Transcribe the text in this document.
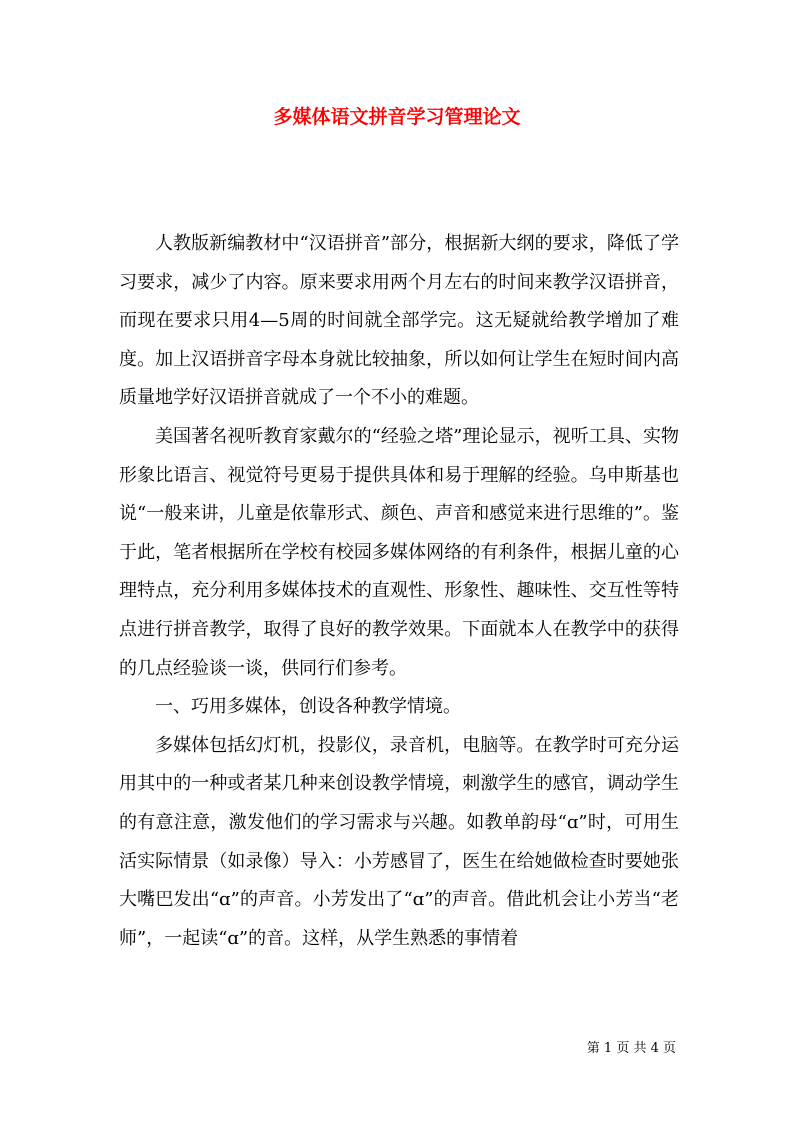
多媒体语文拼音学习管理论文

人教版新编教材中“汉语拼音”部分，根据新大纲的要求，降低了学习要求，减少了内容。原来要求用两个月左右的时间来教学汉语拼音，而现在要求只用4—5周的时间就全部学完。这无疑就给教学增加了难度。加上汉语拼音字母本身就比较抽象，所以如何让学生在短时间内高质量地学好汉语拼音就成了一个不小的难题。

美国著名视听教育家戴尔的“经验之塔”理论显示，视听工具、实物形象比语言、视觉符号更易于提供具体和易于理解的经验。乌申斯基也说“一般来讲，儿童是依靠形式、颜色、声音和感觉来进行思维的”。鉴于此，笔者根据所在学校有校园多媒体网络的有利条件，根据儿童的心理特点，充分利用多媒体技术的直观性、形象性、趣味性、交互性等特点进行拼音教学，取得了良好的教学效果。下面就本人在教学中的获得的几点经验谈一谈，供同行们参考。

一、巧用多媒体，创设各种教学情境。

多媒体包括幻灯机，投影仪，录音机，电脑等。在教学时可充分运用其中的一种或者某几种来创设教学情境，刺激学生的感官，调动学生的有意注意，激发他们的学习需求与兴趣。如教单韵母“ɑ”时，可用生活实际情景（如录像）导入：小芳感冒了，医生在给她做检查时要她张大嘴巴发出“ɑ”的声音。小芳发出了“ɑ”的声音。借此机会让小芳当“老师”，一起读“ɑ”的音。这样，从学生熟悉的事情着

第 1 页 共 4 页
